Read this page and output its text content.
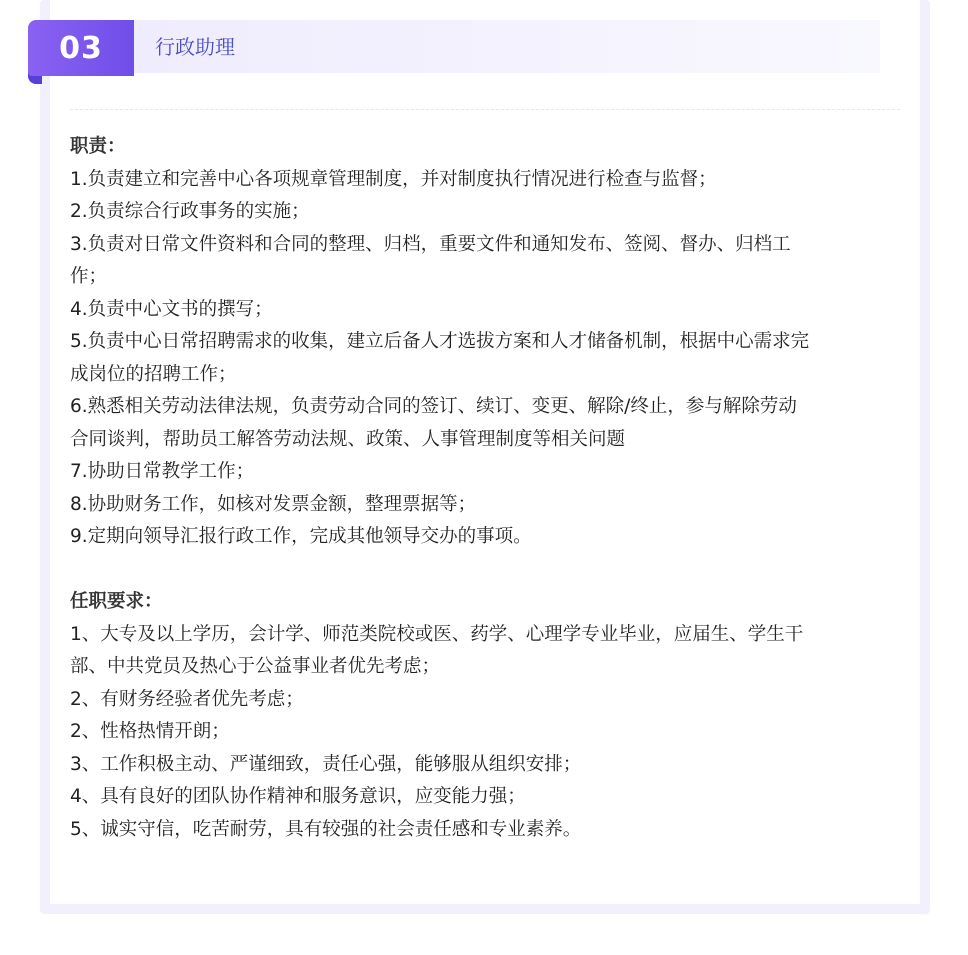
03	行政助理
职责：
1.负责建立和完善中心各项规章管理制度，并对制度执行情况进行检查与监督；
2.负责综合行政事务的实施；
3.负责对日常文件资料和合同的整理、归档，重要文件和通知发布、签阅、督办、归档工
作；
4.负责中心文书的撰写；
5.负责中心日常招聘需求的收集，建立后备人才选拔方案和人才储备机制，根据中心需求完
成岗位的招聘工作；
6.熟悉相关劳动法律法规，负责劳动合同的签订、续订、变更、解除/终止，参与解除劳动
合同谈判，帮助员工解答劳动法规、政策、人事管理制度等相关问题
7.协助日常教学工作；
8.协助财务工作，如核对发票金额，整理票据等；
9.定期向领导汇报行政工作，完成其他领导交办的事项。
任职要求：
1、大专及以上学历，会计学、师范类院校或医、药学、心理学专业毕业，应届生、学生干
部、中共党员及热心于公益事业者优先考虑；
2、有财务经验者优先考虑；
2、性格热情开朗；
3、工作积极主动、严谨细致，责任心强，能够服从组织安排；
4、具有良好的团队协作精神和服务意识，应变能力强；
5、诚实守信，吃苦耐劳，具有较强的社会责任感和专业素养。
